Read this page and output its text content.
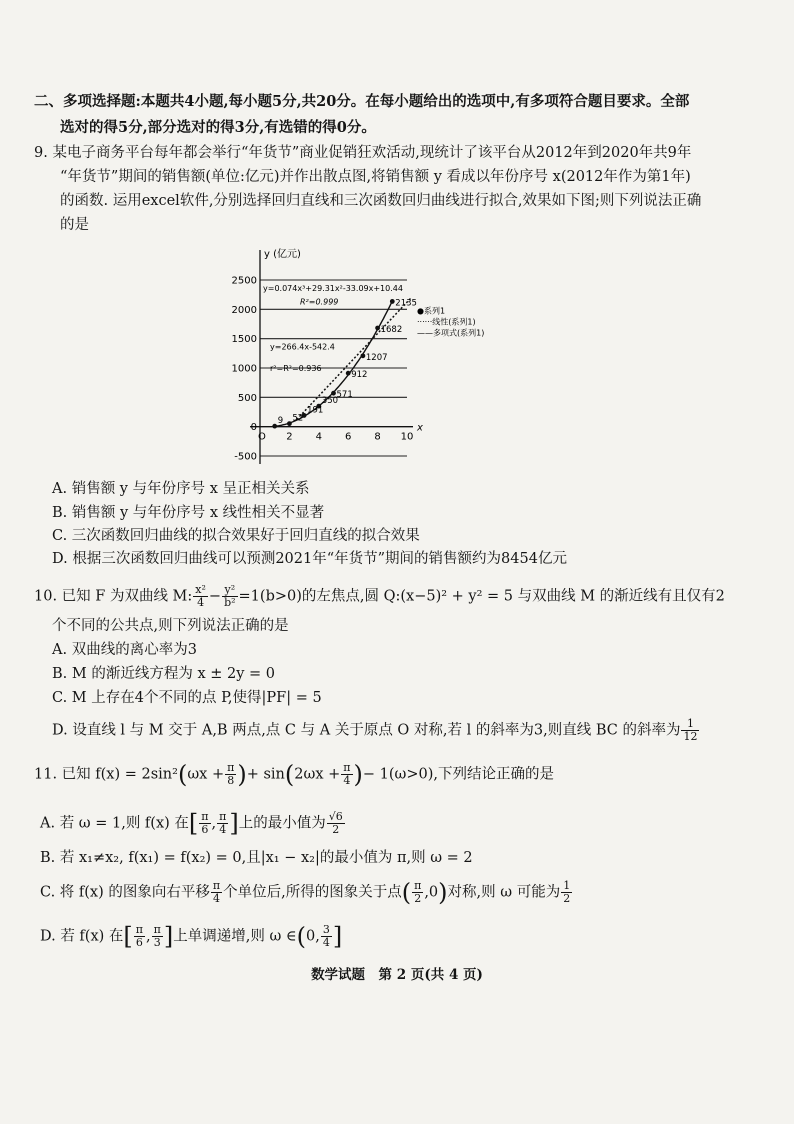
二、多项选择题:本题共4小题,每小题5分,共20分。在每小题给出的选项中,有多项符合题目要求。全部
选对的得5分,部分选对的得3分,有选错的得0分。
9. 某电子商务平台每年都会举行“年货节”商业促销狂欢活动,现统计了该平台从2012年到2020年共9年
“年货节”期间的销售额(单位:亿元)并作出散点图,将销售额 y 看成以年份序号 x(2012年作为第1年)
的函数. 运用excel软件,分别选择回归直线和三次函数回归曲线进行拟合,效果如下图;则下列说法正确
的是
2500
2000
1500
1000
500
0
-500
y (亿元)
x
O 2 4 6 8 10
9 52
191
350
571
912
1207
1682
2135
y=0.074x³+29.31x²-33.09x+10.44
R²=0.999
y=266.4x-542.4
r²=R²=0.936
●系列1
······线性(系列1)
——多项式(系列1)
A. 销售额 y 与年份序号 x 呈正相关关系
B. 销售额 y 与年份序号 x 线性相关不显著
C. 三次函数回归曲线的拟合效果好于回归直线的拟合效果
D. 根据三次函数回归曲线可以预测2021年“年货节”期间的销售额约为8454亿元
10. 已知 F 为双曲线 M: $\frac{\text{x²}}{4} - \frac{\text{y²}}{\text{b²}} =1(b>0)$的左焦点,圆 Q:(x−5)² + y² = 5 与双曲线 M 的渐近线有且仅有2
个不同的公共点,则下列说法正确的是
A. 双曲线的离心率为3
B. M 的渐近线方程为 x ± 2y = 0
C. M 上存在4个不同的点 P,使得|PF| = 5
D. 设直线 l 与 M 交于 A,B 两点,点 C 与 A 关于原点 O 对称,若 l 的斜率为3,则直线 BC 的斜率为 $\frac{1}{12}$
11. 已知 $f(x) = 2\sin^2(\omega x + \frac{\pi}{8}$ )+ $\sin(2\omega x + \frac{\pi}{4}$ )− 1(ω>0),下列结论正确的是
A. 若 ω = 1,则 f(x) 在[ $\frac{\pi}{6}$ , $\frac{\pi}{4}$ ]上的最小值为 $\frac{√6}{2}$
B. 若 x₁≠x₂, f(x₁) = f(x₂) = 0,且|x₁ − x₂|的最小值为 π,则 ω = 2
C. 将 f(x) 的图象向右平移 $\frac{\pi}{4}$ 个单位后,所得的图象关于点( $\frac{\pi}{2} ,0$)对称,则 ω 可能为 $\frac{1}{2}$
D. 若 f(x) 在[ $\frac{\pi}{6}$ , $\frac{\pi}{3}$ ]上单调递增,则 ω ∈(0, $\frac{3}{4}$ ]
数学试题　第 2 页(共 4 页)
